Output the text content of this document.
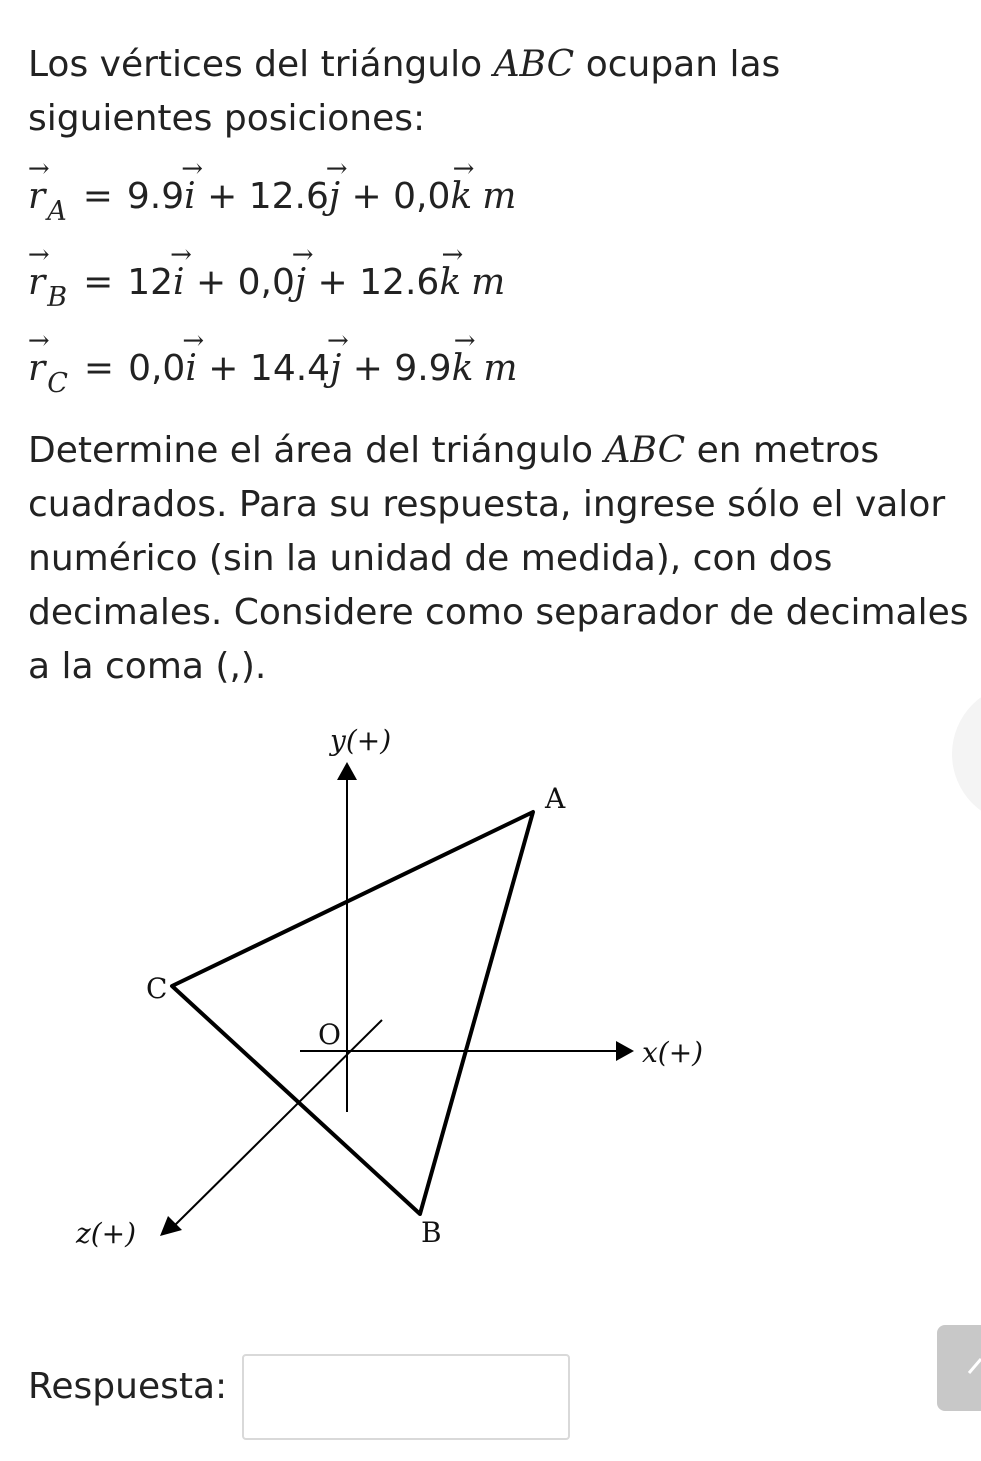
Los vértices del triángulo ABC ocupan las siguientes posiciones:

→ $r_A = 9.9\to i + 12.6\to j + 0,0\to k$ m
→ $r_B = 12\to i + 0,0\to j + 12.6\to k$ m
→ $r_C = 0,0\to i + 14.4\to j + 9.9\to k$ m

Determine el área del triángulo ABC en metros cuadrados. Para su respuesta, ingrese sólo el valor numérico (sin la unidad de medida), con dos decimales. Considere como separador de decimales a la coma (,).

y(+)
x(+)
z(+)
O
A
B
C
Respuesta:
